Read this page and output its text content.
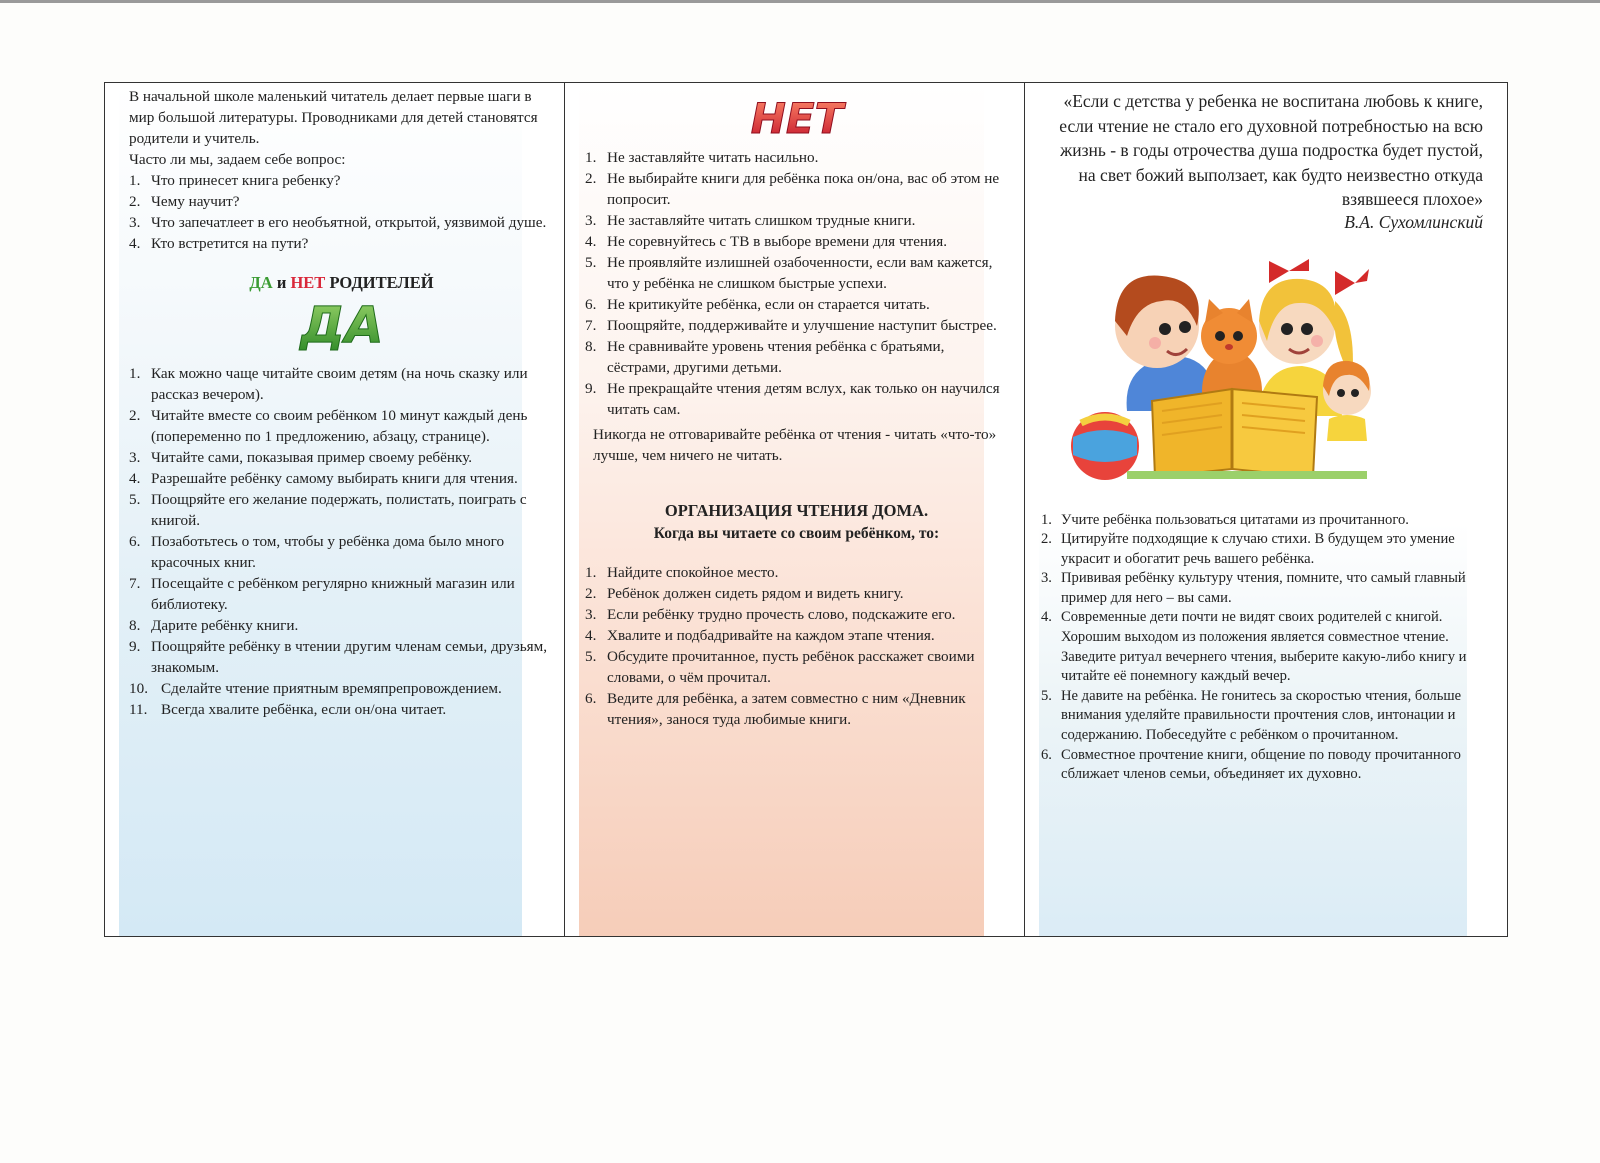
В начальной школе маленький читатель делает первые шаги в мир большой литературы. Проводниками для детей становятся родители и учитель.

Часто ли мы, задаем себе вопрос:

1. Что принесет книга ребенку?
2. Чему научит?
3. Что запечатлеет в его необъятной, открытой, уязвимой душе.
4. Кто встретится на пути?
ДА и НЕТ РОДИТЕЛЕЙ
ДА
1. Как можно чаще читайте своим детям (на ночь сказку или рассказ вечером).
2. Читайте вместе со своим ребёнком 10 минут каждый день (попеременно по 1 предложению, абзацу, странице).
3. Читайте сами, показывая пример своему ребёнку.
4. Разрешайте ребёнку самому выбирать книги для чтения.
5. Поощряйте его желание подержать, полистать, поиграть с книгой.
6. Позаботьтесь о том, чтобы у ребёнка дома было много красочных книг.
7. Посещайте с ребёнком регулярно книжный магазин или библиотеку.
8. Дарите ребёнку книги.
9. Поощряйте ребёнку в чтении другим членам семьи, друзьям, знакомым.
10. Сделайте чтение приятным времяпрепровождением.
11. Всегда хвалите ребёнка, если он/она читает.
НЕТ
1. Не заставляйте читать насильно.
2. Не выбирайте книги для ребёнка пока он/она, вас об этом не попросит.
3. Не заставляйте читать слишком трудные книги.
4. Не соревнуйтесь с ТВ в выборе времени для чтения.
5. Не проявляйте излишней озабоченности, если вам кажется, что у ребёнка не слишком быстрые успехи.
6. Не критикуйте ребёнка, если он старается читать.
7. Поощряйте, поддерживайте и улучшение наступит быстрее.
8. Не сравнивайте уровень чтения ребёнка с братьями, сёстрами, другими детьми.
9. Не прекращайте чтения детям вслух, как только он научился читать сам.

Никогда не отговаривайте ребёнка от чтения - читать «что-то» лучше, чем ничего не читать.

ОРГАНИЗАЦИЯ ЧТЕНИЯ ДОМА.
Когда вы читаете со своим ребёнком, то:
1. Найдите спокойное место.
2. Ребёнок должен сидеть рядом и видеть книгу.
3. Если ребёнку трудно прочесть слово, подскажите его.
4. Хвалите и подбадривайте на каждом этапе чтения.
5. Обсудите прочитанное, пусть ребёнок расскажет своими словами, о чём прочитал.
6. Ведите для ребёнка, а затем совместно с ним «Дневник чтения», занося туда любимые книги.
«Если с детства у ребенка не воспитана любовь к книге, если чтение не стало его духовной потребностью на всю жизнь - в годы отрочества душа подростка будет пустой, на свет божий выползает, как будто неизвестно откуда взявшееся плохое»
В.А. Сухомлинский
1. Учите ребёнка пользоваться цитатами из прочитанного.
2. Цитируйте подходящие к случаю стихи. В будущем это умение украсит и обогатит речь вашего ребёнка.
3. Прививая ребёнку культуру чтения, помните, что самый главный пример для него – вы сами.
4. Современные дети почти не видят своих родителей с книгой. Хорошим выходом из положения является совместное чтение. Заведите ритуал вечернего чтения, выберите какую-либо книгу и читайте её понемногу каждый вечер.
5. Не давите на ребёнка. Не гонитесь за скоростью чтения, больше внимания уделяйте правильности прочтения слов, интонации и содержанию. Побеседуйте с ребёнком о прочитанном.
6. Совместное прочтение книги, общение по поводу прочитанного сближает членов семьи, объединяет их духовно.
